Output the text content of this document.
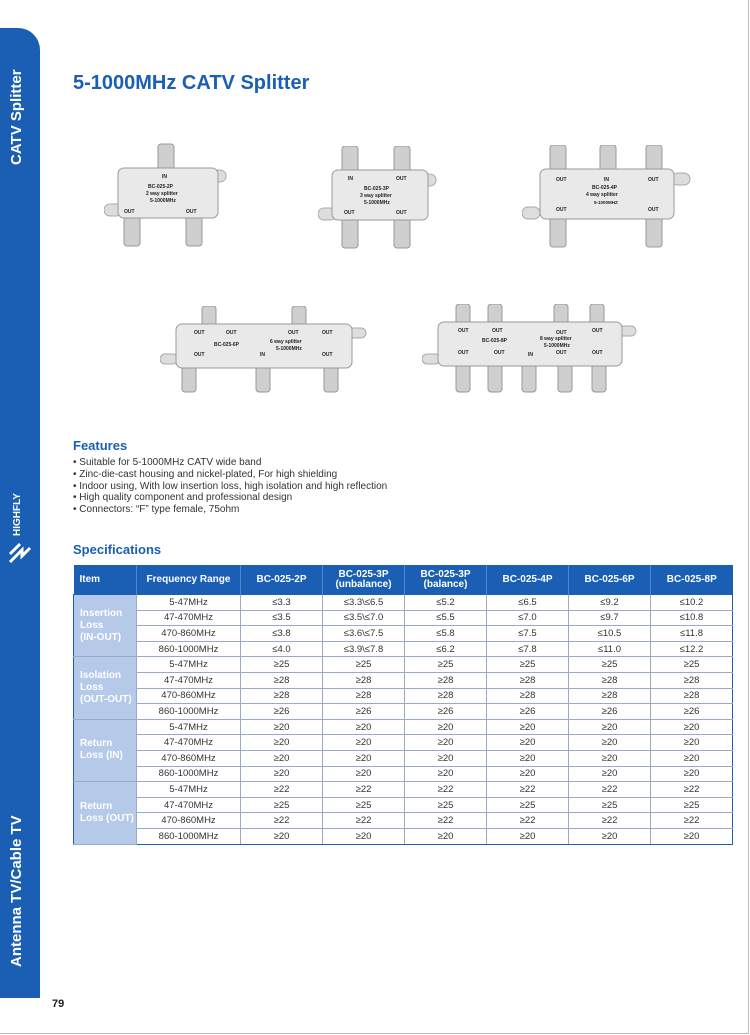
CATV Splitter
HIGHFLY
Antenna TV/Cable TV
79
5-1000MHz CATV Splitter
IN
BC-025-2P
2 way splitter
5-1000MHz
OUT	OUT
IN	OUT
BC-025-3P
3 way splitter
5-1000MHz
OUT	OUT
OUT	IN	OUT
BC-025-4P
4 way splitter
5-1000MHZ
OUT	OUT
OUT	OUT	OUT	OUT
BC-025-6P	6 way splitter
5-1000MHz
OUT	IN	OUT
OUT	OUT	OUT	OUT
BC-025-8P	8 way splitter
5-1000MHz
OUT	OUT	IN	OUT	OUT
Features
• Suitable for 5-1000MHz CATV wide band
• Zinc-die-cast housing and nickel-plated, For high shielding
• Indoor using, With low insertion loss, high isolation and high reflection
• High quality component and professional design
• Connectors: “F” type female, 75ohm
Specifications
Item	Frequency Range	BC-025-2P	BC-025-3P
(unbalance)	BC-025-3P
(balance)	BC-025-4P	BC-025-6P	BC-025-8P
Insertion
Loss
(IN-OUT)	5-47MHz	≤3.3	≤3.3\≤6.5	≤5.2	≤6.5	≤9.2	≤10.2
	47-470MHz	≤3.5	≤3.5\≤7.0	≤5.5	≤7.0	≤9.7	≤10.8
	470-860MHz	≤3.8	≤3.6\≤7.5	≤5.8	≤7.5	≤10.5	≤11.8
	860-1000MHz	≤4.0	≤3.9\≤7.8	≤6.2	≤7.8	≤11.0	≤12.2
Isolation
Loss
(OUT-OUT)	5-47MHz	≥25	≥25	≥25	≥25	≥25	≥25
	47-470MHz	≥28	≥28	≥28	≥28	≥28	≥28
	470-860MHz	≥28	≥28	≥28	≥28	≥28	≥28
	860-1000MHz	≥26	≥26	≥26	≥26	≥26	≥26
Return
Loss (IN)	5-47MHz	≥20	≥20	≥20	≥20	≥20	≥20
	47-470MHz	≥20	≥20	≥20	≥20	≥20	≥20
	470-860MHz	≥20	≥20	≥20	≥20	≥20	≥20
	860-1000MHz	≥20	≥20	≥20	≥20	≥20	≥20
Return
Loss (OUT)	5-47MHz	≥22	≥22	≥22	≥22	≥22	≥22
	47-470MHz	≥25	≥25	≥25	≥25	≥25	≥25
	470-860MHz	≥22	≥22	≥22	≥22	≥22	≥22
	860-1000MHz	≥20	≥20	≥20	≥20	≥20	≥20
